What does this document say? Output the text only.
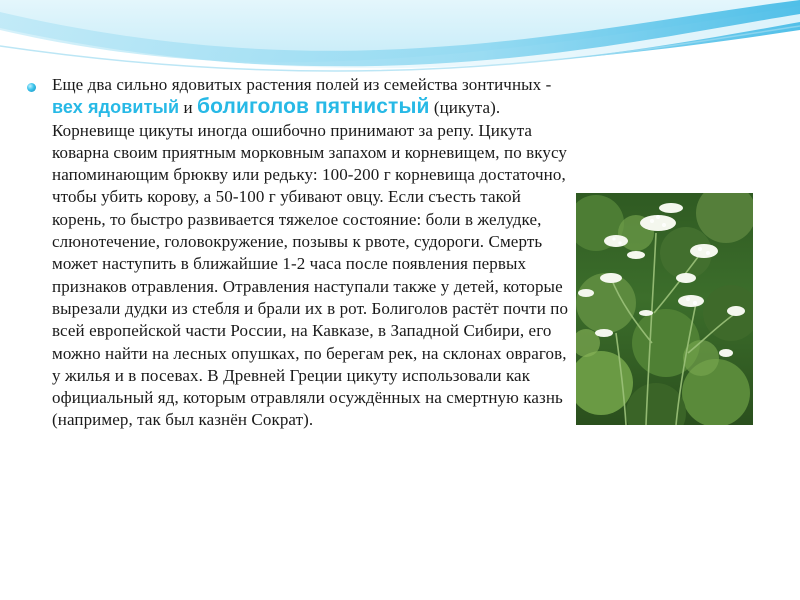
Еще два сильно ядовитых растения полей из семейства зонтичных - вех ядовитый и болиголов пятнистый (цикута). Корневище цикуты иногда ошибочно принимают за репу. Цикута коварна своим приятным морковным запахом и корневищем, по вкусу напоминающим брюкву или редьку: 100-200 г корневища достаточно, чтобы убить корову, а 50-100 г убивают овцу. Если съесть такой корень, то быстро развивается тяжелое состояние: боли в желудке, слюнотечение, головокружение, позывы к рвоте, судороги. Смерть может наступить в ближайшие 1-2 часа после появления первых признаков отравления. Отравления наступали также у детей, которые вырезали дудки из стебля и брали их в рот. Болиголов растёт почти по всей европейской части России, на Кавказе, в Западной Сибири, его можно найти на лесных опушках, по берегам рек, на склонах оврагов, у жилья и в посевах. В Древней Греции цикуту использовали как официальный яд, которым отравляли осуждённых на смертную казнь (например, так был казнён Сократ).
